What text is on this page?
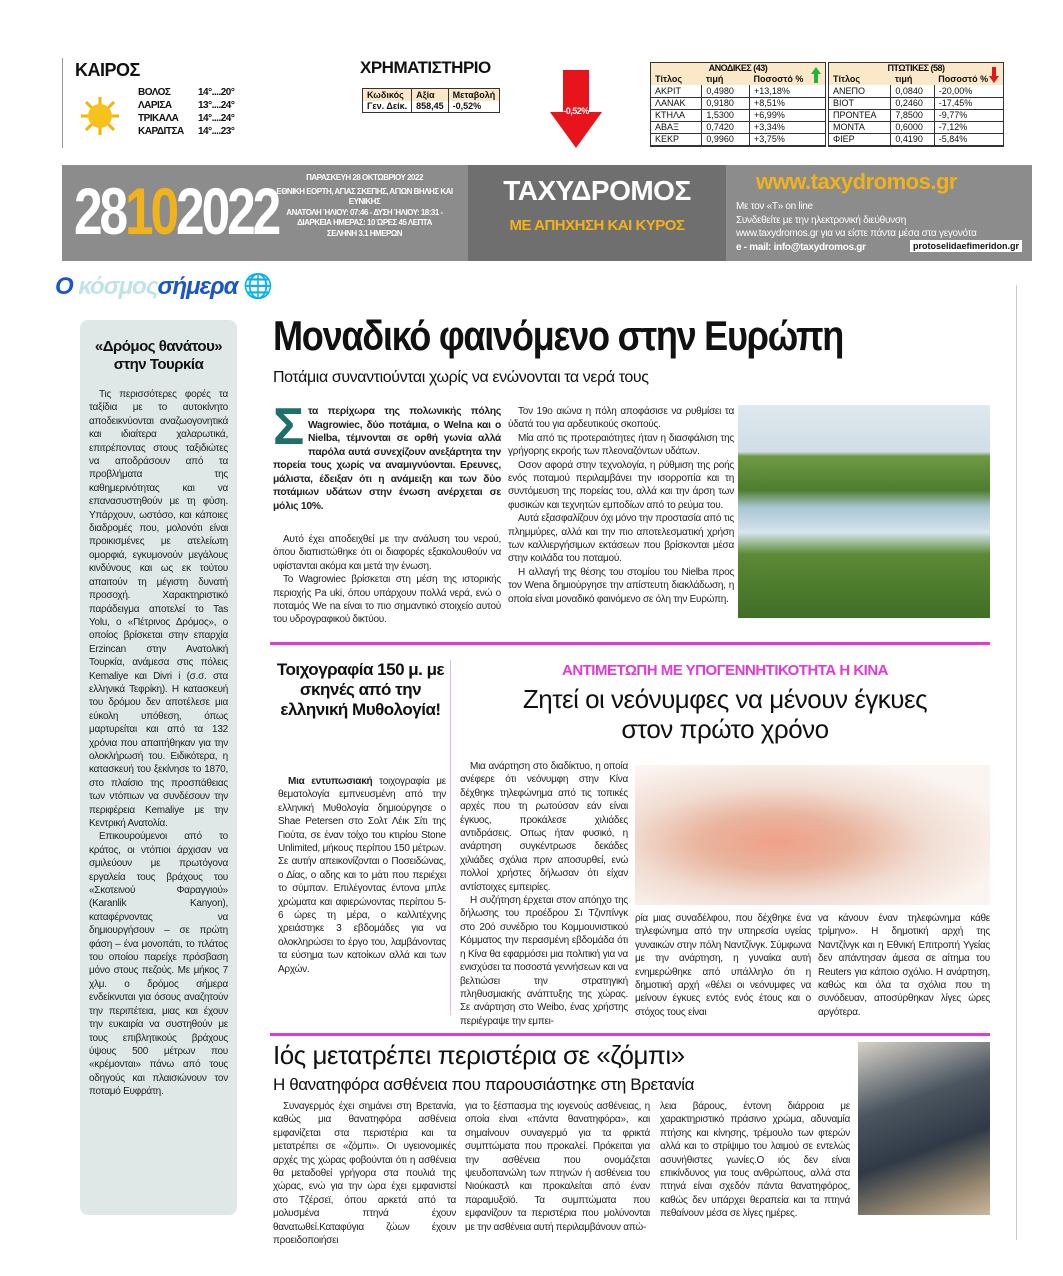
ΚΑΙΡΟΣ
ΒΟΛΟΣ	14°....20°
ΛΑΡΙΣΑ	13°....24°
ΤΡΙΚΑΛΑ	14°....24°
ΚΑΡΔΙΤΣΑ	14°....23°
ΧΡΗΜΑΤΙΣΤΗΡΙΟ
Κωδικός	Αξία	Μεταβολή
Γεν. Δείκ.	858,45	-0,52%	-0,52%
ΑΝΟΔΙΚΕΣ (43)
Τίτλος	τιμή	Ποσοστό %
ΑΚΡΙΤ	0,4980	+13,18%
ΛΑΝΑΚ	0,9180	+8,51%
ΚΤΗΛΑ	1,5300	+6,99%
ΑΒΑΞ	0,7420	+3,34%
ΚΕΚΡ	0,9960	+3,75%
ΠΤΩΤΙΚΕΣ (58)
Τίτλος	τιμή	Ποσοστό %
ΑΝΕΠΟ	0,0840	-20,00%
ΒΙΟΤ	0,2460	-17,45%
ΠΡΟΝΤΕΑ	7,8500	-9,77%
ΜΟΝΤΑ	0,6000	-7,12%
ΦΙΕΡ	0,4190	-5,84%
28102022	ΠΑΡΑΣΚΕΥΗ 28 ΟΚΤΩΒΡΙΟΥ 2022
ΕΘΝΙΚΗ ΕΟΡΤΗ, ΑΓΙΑΣ ΣΚΕΠΗΣ, ΑΓΙΩΝ ΒΗΛΗΣ ΚΑΙ ΕΥΝΙΚΗΣ
ΑΝΑΤΟΛΗ ΉΛΙΟΥ: 07:46 - ΔΥΣΗ ΉΛΙΟΥ: 18:31 -
ΔΙΑΡΚΕΙΑ ΗΜΕΡΑΣ: 10 ΏΡΕΣ 45 ΛΕΠΤΑ
ΣΕΛΗΝΗ 3.1 ΗΜΕΡΩΝ
ΤΑΧΥΔΡΟΜΟΣ
ΜΕ ΑΠΗΧΗΣΗ ΚΑΙ ΚΥΡΟΣ
www.taxydromos.gr
Με τον «Τ» on line
Συνδεθείτε με την ηλεκτρονική διεύθυνση
www.taxydromos.gr για να είστε πάντα μέσα στα γεγονότα
e - mail: info@taxydromos.gr	protoselidaefimeridon.gr
Ο κόσμοςσήμερα 🌐
«Δρόμος θανάτου» στην Τουρκία

Τις περισσότερες φορές τα ταξίδια με το αυτοκίνητο αποδεικνύονται αναζωογονητικά και ιδιαίτερα χαλαρωτικά, επιτρέποντας στους ταξιδιώτες να αποδράσουν από τα προβλήματα της καθημερινότητας και να επανασυστηθούν με τη φύση. Υπάρχουν, ωστόσο, και κάποιες διαδρομές που, μολονότι είναι προικισμένες με ατελείωτη ομορφιά, εγκυμονούν μεγάλους κινδύνους και ως εκ τούτου απαιτούν τη μέγιστη δυνατή προσοχή. Χαρακτηριστικό παράδειγμα αποτελεί το Tas Yolu, ο «Πέτρινος Δρόμος», ο οποίος βρίσκεται στην επαρχία Erzincan στην Ανατολική Τουρκία, ανάμεσα στις πόλεις Kemaliye και Divri i (σ.σ. στα ελληνικά Τεφρίκη). Η κατασκευή του δρόμου δεν αποτέλεσε μια εύκολη υπόθεση, όπως μαρτυρείται και από τα 132 χρόνια που απαιτήθηκαν για την ολοκλήρωσή του. Ειδικότερα, η κατασκευή του ξεκίνησε το 1870, στο πλαίσιο της προσπάθειας των ντόπιων να συνδέσουν την περιφέρεια Kemaliye με την Κεντρική Ανατολία.

Επικουρούμενοι από το κράτος, οι ντόπιοι άρχισαν να σμιλεύουν με πρωτόγονα εργαλεία τους βράχους του «Σκοτεινού Φαραγγιού» (Karanlik Kanyon), καταφέρνοντας να δημιουργήσουν – σε πρώτη φάση – ένα μονοπάτι, το πλάτος του οποίου παρείχε πρόσβαση μόνο στους πεζούς. Με μήκος 7 χλμ. ο δρόμος σήμερα ενδείκνυται για όσους αναζητούν την περιπέτεια, μιας και έχουν την ευκαιρία να συστηθούν με τους επιβλητικούς βράχους ύψους 500 μέτρων που «κρέμονται» πάνω από τους οδηγούς και πλαισιώνουν τον ποταμό Ευφράτη.

Μοναδικό φαινόμενο στην Ευρώπη
Ποτάμια συναντιούνται χωρίς να ενώνονται τα νερά τους
Στα περίχωρα της πολωνικής πόλης Wagrowiec, δύο ποτάμια, ο Welna και ο Nielba, τέμνονται σε ορθή γωνία αλλά παρόλα αυτά συνεχίζουν ανεξάρτητα την πορεία τους χωρίς να αναμιγνύονται. Ερευνες, μάλιστα, έδειξαν ότι η ανάμειξη και των δύο ποτάμιων υδάτων στην ένωση ανέρχεται σε μόλις 10%.

Αυτό έχει αποδειχθεί με την ανάλυση του νερού, όπου διαπιστώθηκε ότι οι διαφορές εξακολουθούν να υφίστανται ακόμα και μετά την ένωση.

Το Wagrowiec βρίσκεται στη μέση της ιστορικής περιοχής Pa uki, όπου υπάρχουν πολλά νερά, ενώ ο ποταμός We na είναι το πιο σημαντικό στοιχείο αυτού του υδρογραφικού δικτύου.

Τον 19ο αιώνα η πόλη αποφάσισε να ρυθμίσει τα ύδατά του για αρδευτικούς σκοπούς.

Μία από τις προτεραιότητες ήταν η διασφάλιση της γρήγορης εκροής των πλεοναζόντων υδάτων.

Οσον αφορά στην τεχνολογία, η ρύθμιση της ροής ενός ποταμού περιλαμβάνει την ισορροπία και τη συντόμευση της πορείας του, αλλά και την άρση των φυσικών και τεχνητών εμποδίων από το ρεύμα του.

Αυτά εξασφαλίζουν όχι μόνο την προστασία από τις πλημμύρες, αλλά και την πιο αποτελεσματική χρήση των καλλιεργήσιμων εκτάσεων που βρίσκονται μέσα στην κοιλάδα του ποταμού.

Η αλλαγή της θέσης του στομίου του Nielba προς τον Wena δημιούργησε την απίστευτη διακλάδωση, η οποία είναι μοναδικό φαινόμενο σε όλη την Ευρώπη.

Τοιχογραφία 150 μ. με σκηνές από την ελληνική Μυθολογία!

Μια εντυπωσιακή τοιχογραφία με θεματολογία εμπνευσμένη από την ελληνική Μυθολογία δημιούργησε ο Shae Petersen στο Σολτ Λέικ Σίτι της Γιούτα, σε έναν τοίχο του κτιρίου Stone Unlimited, μήκους περίπου 150 μέτρων. Σε αυτήν απεικονίζονται ο Ποσειδώνας, ο Δίας, ο αδης και το μάτι που περιέχει το σύμπαν. Επιλέγοντας έντονα μπλε χρώματα και αφιερώνοντας περίπου 5-6 ώρες τη μέρα, ο καλλιτέχνης χρειάστηκε 3 εβδομάδες για να ολοκληρώσει το έργο του, λαμβάνοντας τα εύσημα των κατοίκων αλλά και των Αρχών.

ΑΝΤΙΜΕΤΩΠΗ ΜΕ ΥΠΟΓΕΝΝΗΤΙΚΟΤΗΤΑ Η ΚΙΝΑ
Ζητεί οι νεόνυμφες να μένουν έγκυες στον πρώτο χρόνο

Μια ανάρτηση στο διαδίκτυο, η οποία ανέφερε ότι νεόνυμφη στην Κίνα δέχθηκε τηλεφώνημα από τις τοπικές αρχές που τη ρωτούσαν εάν είναι έγκυος, προκάλεσε χιλιάδες αντιδράσεις. Οπως ήταν φυσικό, η ανάρτηση συγκέντρωσε δεκάδες χιλιάδες σχόλια πριν αποσυρθεί, ενώ πολλοί χρήστες δήλωσαν ότι είχαν αντίστοιχες εμπειρίες.

Η συζήτηση έρχεται στον απόηχο της δήλωσης του προέδρου Σι Τζινπίνγκ στο 20ό συνέδριο του Κομμουνιστικού Κόμματος την περασμένη εβδομάδα ότι η Κίνα θα εφαρμόσει μια πολιτική για να ενισχύσει τα ποσοστά γεννήσεων και να βελτιώσει την στρατηγική πληθυσμιακής ανάπτυξης της χώρας. Σε ανάρτηση στο Weibo, ένας χρήστης περιέγραψε την εμπει-

ρία μιας συναδέλφου, που δέχθηκε ένα τηλεφώνημα από την υπηρεσία υγείας γυναικών στην πόλη Ναντζίνγκ. Σύμφωνα με την ανάρτηση, η γυναίκα αυτή ενημερώθηκε από υπάλληλο ότι η δημοτική αρχή «θέλει οι νεόνυμφες να μείνουν έγκυες εντός ενός έτους και ο στόχος τους είναι

να κάνουν έναν τηλεφώνημα κάθε τρίμηνο». Η δημοτική αρχή της Ναντζίνγκ και η Εθνική Επιτροπή Υγείας δεν απάντησαν άμεσα σε αίτημα του Reuters για κάποιο σχόλιο. Η ανάρτηση, καθώς και όλα τα σχόλια που τη συνόδευαν, αποσύρθηκαν λίγες ώρες αργότερα.

Ιός μετατρέπει περιστέρια σε «ζόμπι»
Η θανατηφόρα ασθένεια που παρουσιάστηκε στη Βρετανία

Συναγερμός έχει σημάνει στη Βρετανία, καθώς μια θανατηφόρα ασθένεια εμφανίζεται στα περιστέρια και τα μετατρέπει σε «ζόμπι». Οι υγειονομικές αρχές της χώρας φοβούνται ότι η ασθένεια θα μεταδοθεί γρήγορα στα πουλιά της χώρας, ενώ για την ώρα έχει εμφανιστεί στο Τζέρσεϊ, όπου αρκετά από τα μολυσμένα πτηνά έχουν θανατωθεί.Καταφύγια ζώων έχουν προειδοποιήσει

για το ξέσπασμα της ιογενούς ασθένειας, η οποία είναι «πάντα θανατηφόρα», και σημαίνουν συναγερμό για τα φρικτά συμπτώματα που προκαλεί. Πρόκειται για την ασθένεια που ονομάζεται ψευδοπανώλη των πτηνών ή ασθένεια του Νιούκαστλ και προκαλείται από έναν παραμυξοϊό. Τα συμπτώματα που εμφανίζουν τα περιστέρια που μολύνονται με την ασθένεια αυτή περιλαμβάνουν απώ-

λεια βάρους, έντονη διάρροια με χαρακτηριστικό πράσινο χρώμα, αδυναμία πτήσης και κίνησης, τρέμουλο των φτερών αλλά και το στρίψιμο του λαιμού σε εντελώς ασυνήθιστες γωνίες.Ο ιός δεν είναι επικίνδυνος για τους ανθρώπους, αλλά στα πτηνά είναι σχεδόν πάντα θανατηφόρος, καθώς δεν υπάρχει θεραπεία και τα πτηνά πεθαίνουν μέσα σε λίγες ημέρες.
